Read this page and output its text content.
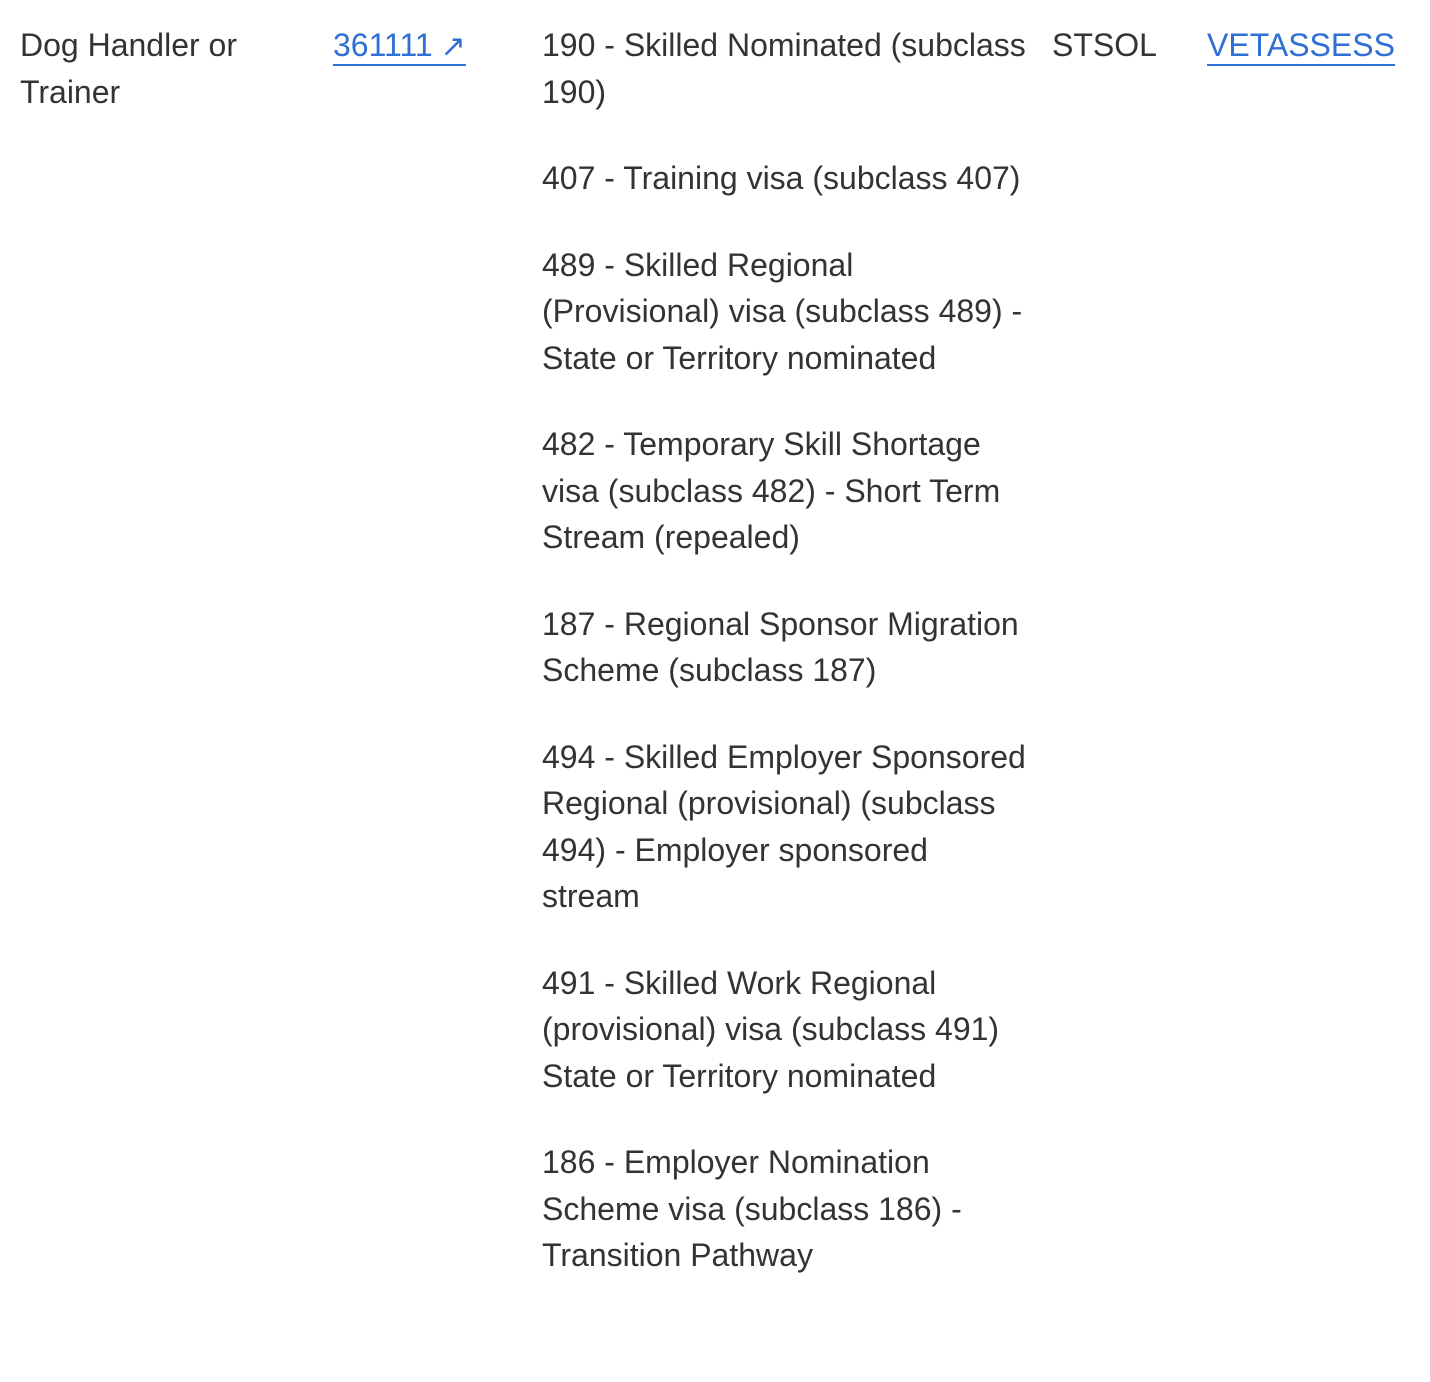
Dog Handler or Trainer
361111 ↗	190 - Skilled Nominated (subclass 190)
407 - Training visa (subclass 407)
489 - Skilled Regional (Provisional) visa (subclass 489) - State or Territory nominated
482 - Temporary Skill Shortage visa (subclass 482) - Short Term Stream (repealed)
187 - Regional Sponsor Migration Scheme (subclass 187)
494 - Skilled Employer Sponsored Regional (provisional) (subclass 494) - Employer sponsored stream
491 - Skilled Work Regional (provisional) visa (subclass 491) State or Territory nominated
186 - Employer Nomination Scheme visa (subclass 186) - Transition Pathway
STSOL	VETASSESS
